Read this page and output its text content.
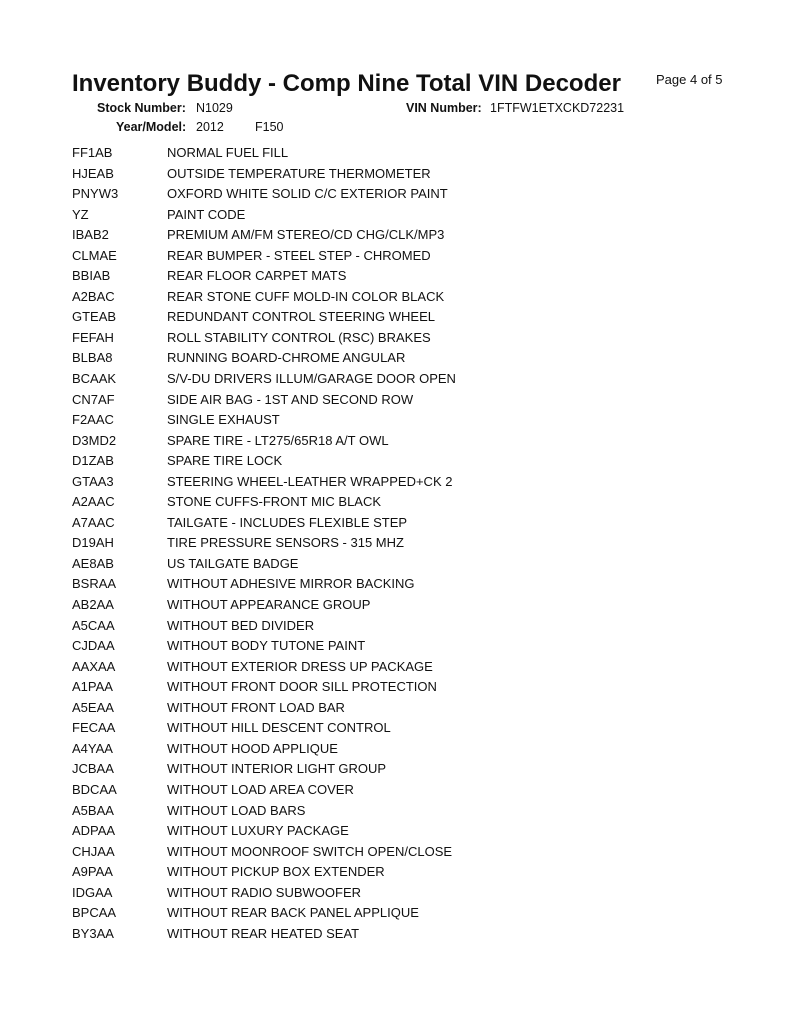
Inventory Buddy - Comp Nine Total VIN Decoder	Page 4 of 5
Stock Number: N1029	VIN Number: 1FTFW1ETXCKD72231
Year/Model: 2012 F150
FF1AB	NORMAL FUEL FILL
HJEAB	OUTSIDE TEMPERATURE THERMOMETER
PNYW3	OXFORD WHITE SOLID C/C EXTERIOR PAINT
YZ	PAINT CODE
IBAB2	PREMIUM AM/FM STEREO/CD CHG/CLK/MP3
CLMAE	REAR BUMPER - STEEL STEP - CHROMED
BBIAB	REAR FLOOR CARPET MATS
A2BAC	REAR STONE CUFF MOLD-IN COLOR BLACK
GTEAB	REDUNDANT CONTROL STEERING WHEEL
FEFAH	ROLL STABILITY CONTROL (RSC) BRAKES
BLBA8	RUNNING BOARD-CHROME ANGULAR
BCAAK	S/V-DU DRIVERS ILLUM/GARAGE DOOR OPEN
CN7AF	SIDE AIR BAG - 1ST AND SECOND ROW
F2AAC	SINGLE EXHAUST
D3MD2	SPARE TIRE - LT275/65R18 A/T OWL
D1ZAB	SPARE TIRE LOCK
GTAA3	STEERING WHEEL-LEATHER WRAPPED+CK 2
A2AAC	STONE CUFFS-FRONT MIC BLACK
A7AAC	TAILGATE - INCLUDES FLEXIBLE STEP
D19AH	TIRE PRESSURE SENSORS - 315 MHZ
AE8AB	US TAILGATE BADGE
BSRAA	WITHOUT ADHESIVE MIRROR BACKING
AB2AA	WITHOUT APPEARANCE GROUP
A5CAA	WITHOUT BED DIVIDER
CJDAA	WITHOUT BODY TUTONE PAINT
AAXAA	WITHOUT EXTERIOR DRESS UP PACKAGE
A1PAA	WITHOUT FRONT DOOR SILL PROTECTION
A5EAA	WITHOUT FRONT LOAD BAR
FECAA	WITHOUT HILL DESCENT CONTROL
A4YAA	WITHOUT HOOD APPLIQUE
JCBAA	WITHOUT INTERIOR LIGHT GROUP
BDCAA	WITHOUT LOAD AREA COVER
A5BAA	WITHOUT LOAD BARS
ADPAA	WITHOUT LUXURY PACKAGE
CHJAA	WITHOUT MOONROOF SWITCH OPEN/CLOSE
A9PAA	WITHOUT PICKUP BOX EXTENDER
IDGAA	WITHOUT RADIO SUBWOOFER
BPCAA	WITHOUT REAR BACK PANEL APPLIQUE
BY3AA	WITHOUT REAR HEATED SEAT
